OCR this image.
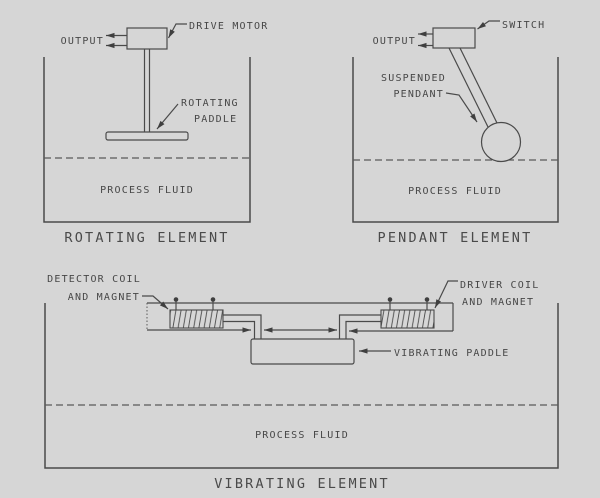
PROCESS FLUID
OUTPUT
DRIVE MOTOR
ROTATING
PADDLE
ROTATING ELEMENT
PROCESS FLUID
OUTPUT
SWITCH
SUSPENDED
PENDANT
PENDANT ELEMENT
PROCESS FLUID
DETECTOR COIL
AND MAGNET
DRIVER COIL
AND MAGNET
VIBRATING PADDLE
VIBRATING ELEMENT
